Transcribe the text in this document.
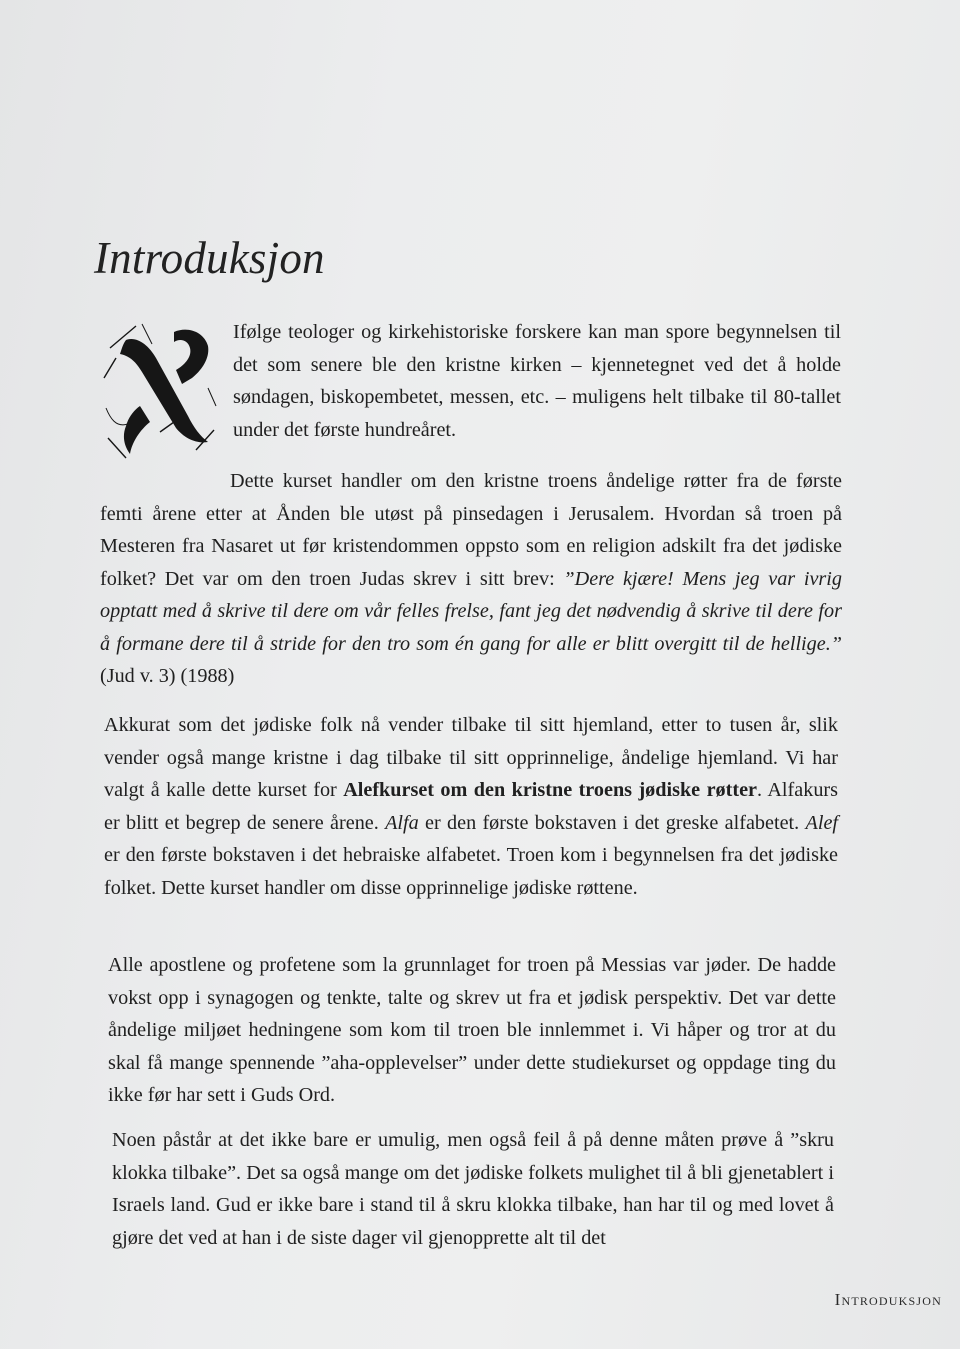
Introduksjon

Ifølge teologer og kirkehistoriske forskere kan man spore begynnelsen til det som senere ble den kristne kirken – kjennetegnet ved det å holde søndagen, biskopembetet, messen, etc. – muligens helt tilbake til 80-tallet under det første hundreåret.

Dette kurset handler om den kristne troens åndelige røtter fra de første femti årene etter at Ånden ble utøst på pinsedagen i Jerusalem. Hvordan så troen på Mesteren fra Nasaret ut før kristendommen oppsto som en religion adskilt fra det jødiske folket? Det var om den troen Judas skrev i sitt brev: ”Dere kjære! Mens jeg var ivrig opptatt med å skrive til dere om vår felles frelse, fant jeg det nødvendig å skrive til dere for å formane dere til å stride for den tro som én gang for alle er blitt overgitt til de hellige.” (Jud v. 3) (1988)

Akkurat som det jødiske folk nå vender tilbake til sitt hjemland, etter to tusen år, slik vender også mange kristne i dag tilbake til sitt opprinnelige, åndelige hjemland. Vi har valgt å kalle dette kurset for Alefkurset om den kristne troens jødiske røtter. Alfakurs er blitt et begrep de senere årene. Alfa er den første bokstaven i det greske alfabetet. Alef er den første bokstaven i det hebraiske alfabetet. Troen kom i begynnelsen fra det jødiske folket. Dette kurset handler om disse opprinnelige jødiske røttene.

Alle apostlene og profetene som la grunnlaget for troen på Messias var jøder. De hadde vokst opp i synagogen og tenkte, talte og skrev ut fra et jødisk perspektiv. Det var dette åndelige miljøet hedningene som kom til troen ble innlemmet i. Vi håper og tror at du skal få mange spennende ”aha-opplevelser” under dette studiekurset og oppdage ting du ikke før har sett i Guds Ord.

Noen påstår at det ikke bare er umulig, men også feil å på denne måten prøve å ”skru klokka tilbake”. Det sa også mange om det jødiske folkets mulighet til å bli gjenetablert i Israels land. Gud er ikke bare i stand til å skru klokka tilbake, han har til og med lovet å gjøre det ved at han i de siste dager vil gjenopprette alt til det

Introduksjon
